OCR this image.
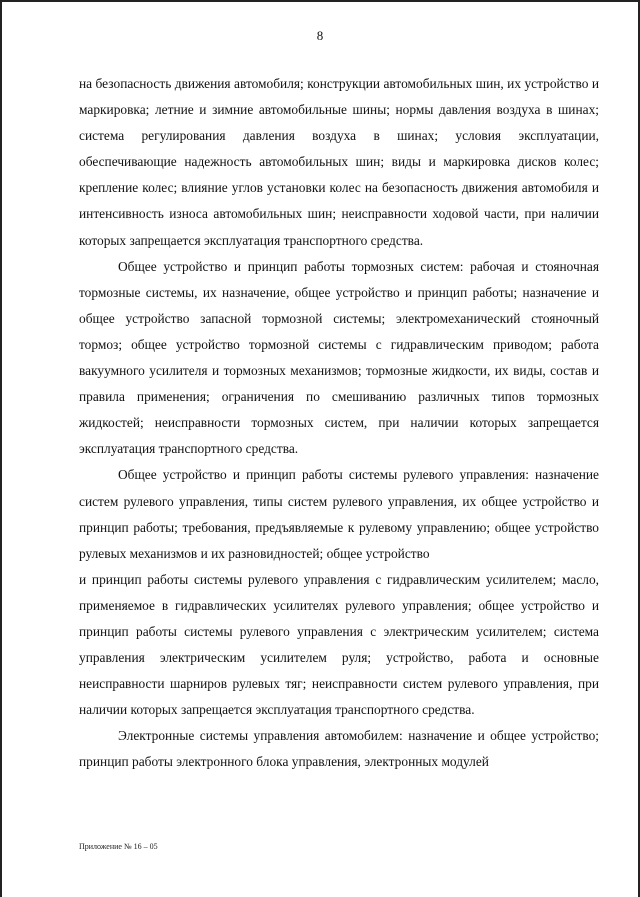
8

на безопасность движения автомобиля; конструкции автомобильных шин, их устройство и маркировка; летние и зимние автомобильные шины; нормы давления воздуха в шинах; система регулирования давления воздуха в шинах; условия эксплуатации, обеспечивающие надежность автомобильных шин; виды и маркировка дисков колес; крепление колес; влияние углов установки колес на безопасность движения автомобиля и интенсивность износа автомобильных шин; неисправности ходовой части, при наличии которых запрещается эксплуатация транспортного средства.

Общее устройство и принцип работы тормозных систем: рабочая и стояночная тормозные системы, их назначение, общее устройство и принцип работы; назначение и общее устройство запасной тормозной системы; электромеханический стояночный тормоз; общее устройство тормозной системы с гидравлическим приводом; работа вакуумного усилителя и тормозных механизмов; тормозные жидкости, их виды, состав и правила применения; ограничения по смешиванию различных типов тормозных жидкостей; неисправности тормозных систем, при наличии которых запрещается эксплуатация транспортного средства.

Общее устройство и принцип работы системы рулевого управления: назначение систем рулевого управления, типы систем рулевого управления, их общее устройство и принцип работы; требования, предъявляемые к рулевому управлению; общее устройство рулевых механизмов и их разновидностей; общее устройство

и принцип работы системы рулевого управления с гидравлическим усилителем; масло, применяемое в гидравлических усилителях рулевого управления; общее устройство и принцип работы системы рулевого управления с электрическим усилителем; система управления электрическим усилителем руля; устройство, работа и основные неисправности шарниров рулевых тяг; неисправности систем рулевого управления, при наличии которых запрещается эксплуатация транспортного средства.

Электронные системы управления автомобилем: назначение и общее устройство; принцип работы электронного блока управления, электронных модулей

Приложение № 16 – 05
